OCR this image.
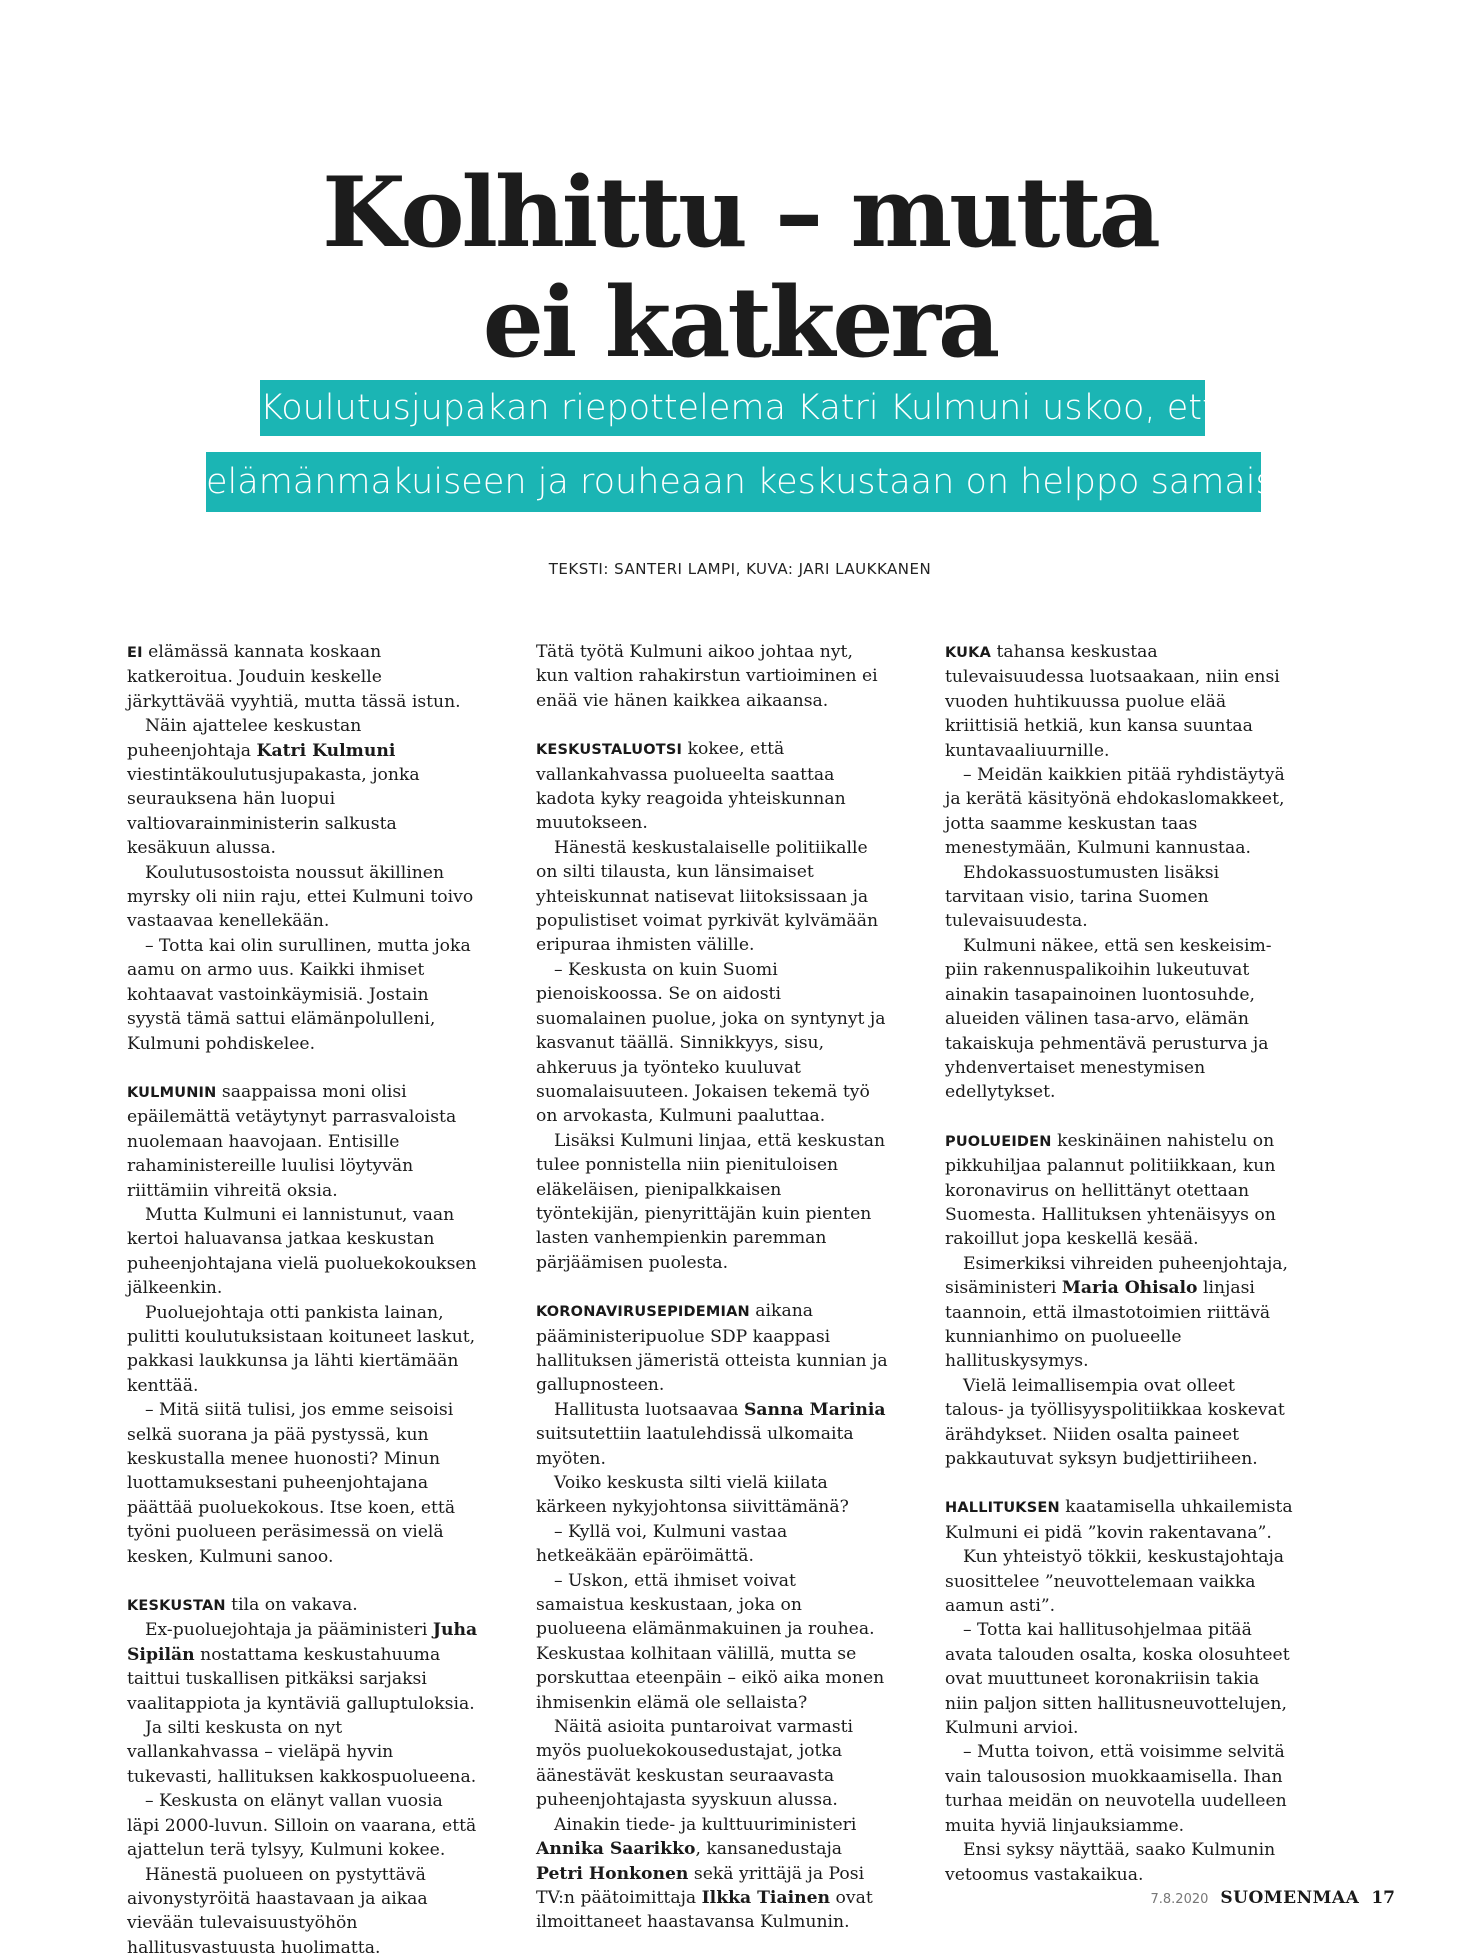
Kolhittu – mutta
ei katkera
Koulutusjupakan riepottelema Katri Kulmuni uskoo, että
elämänmakuiseen ja rouheaan keskustaan on helppo samaistua.
TEKSTI: SANTERI LAMPI, KUVA: JARI LAUKKANEN

EI elämässä kannata koskaan katkeroitua. Jouduin keskelle järkyttävää vyyhtiä, mutta tässä istun.

Näin ajattelee keskustan puheenjohtaja Katri Kulmuni viestintäkoulutusjupakasta, jonka seurauksena hän luopui valtiovarainministerin salkusta kesäkuun alussa.

Koulutusostoista noussut äkillinen myrsky oli niin raju, ettei Kulmuni toivo vastaavaa kenellekään.

– Totta kai olin surullinen, mutta joka aamu on armo uus. Kaikki ihmiset kohtaavat vastoinkäymisiä. Jostain syystä tämä sattui elämänpolulleni, Kulmuni pohdiskelee.

KULMUNIN saappaissa moni olisi epäilemättä vetäytynyt parrasvaloista nuolemaan haavojaan. Entisille rahaministereille luulisi löytyvän riittämiin vihreitä oksia.

Mutta Kulmuni ei lannistunut, vaan kertoi haluavansa jatkaa keskustan puheenjohtajana vielä puoluekokouksen jälkeenkin.

Puoluejohtaja otti pankista lainan, pulitti koulutuksistaan koituneet laskut, pakkasi laukkunsa ja lähti kiertämään kenttää.

– Mitä siitä tulisi, jos emme seisoisi selkä suorana ja pää pystyssä, kun keskustalla menee huonosti? Minun luottamuksestani puheenjohtajana päättää puoluekokous. Itse koen, että työni puolueen peräsimessä on vielä kesken, Kulmuni sanoo.

KESKUSTAN tila on vakava.

Ex-puoluejohtaja ja pääministeri Juha Sipilän nostattama keskustahuuma taittui tuskallisen pitkäksi sarjaksi vaalitappiota ja kyntäviä galluptuloksia.

Ja silti keskusta on nyt vallankahvassa – vieläpä hyvin tukevasti, hallituksen kakkospuolueena.

– Keskusta on elänyt vallan vuosia läpi 2000-luvun. Silloin on vaarana, että ajattelun terä tylsyy, Kulmuni kokee.

Hänestä puolueen on pystyttävä aivonystyröitä haastavaan ja aikaa vievään tulevaisuustyöhön hallitusvastuusta huolimatta.

Tätä työtä Kulmuni aikoo johtaa nyt, kun valtion rahakirstun vartioiminen ei enää vie hänen kaikkea aikaansa.

KESKUSTALUOTSI kokee, että vallankahvassa puolueelta saattaa kadota kyky reagoida yhteiskunnan muutokseen.

Hänestä keskustalaiselle politiikalle on silti tilausta, kun länsimaiset yhteiskunnat natisevat liitoksissaan ja populistiset voimat pyrkivät kylvämään eripuraa ihmisten välille.

– Keskusta on kuin Suomi pienoiskoossa. Se on aidosti suomalainen puolue, joka on syntynyt ja kasvanut täällä. Sinnikkyys, sisu, ahkeruus ja työnteko kuuluvat suomalaisuuteen. Jokaisen tekemä työ on arvokasta, Kulmuni paaluttaa.

Lisäksi Kulmuni linjaa, että keskustan tulee ponnistella niin pienituloisen eläkeläisen, pienipalkkaisen työntekijän, pienyrittäjän kuin pienten lasten vanhempienkin paremman pärjäämisen puolesta.

KORONAVIRUSEPIDEMIAN aikana pääministeripuolue SDP kaappasi hallituksen jämeristä otteista kunnian ja gallupnosteen.

Hallitusta luotsaavaa Sanna Marinia suitsutettiin laatulehdissä ulkomaita myöten.

Voiko keskusta silti vielä kiilata kärkeen nykyjohtonsa siivittämänä?

– Kyllä voi, Kulmuni vastaa hetkeäkään epäröimättä.

– Uskon, että ihmiset voivat samaistua keskustaan, joka on puolueena elämänmakuinen ja rouhea. Keskustaa kolhitaan välillä, mutta se porskuttaa eteenpäin – eikö aika monen ihmisenkin elämä ole sellaista?

Näitä asioita puntaroivat varmasti myös puoluekokousedustajat, jotka äänestävät keskustan seuraavasta puheenjohtajasta syyskuun alussa.

Ainakin tiede- ja kulttuuriministeri Annika Saarikko, kansanedustaja Petri Honkonen sekä yrittäjä ja Posi TV:n päätoimittaja Ilkka Tiainen ovat ilmoittaneet haastavansa Kulmunin.

KUKA tahansa keskustaa tulevaisuudessa luotsaakaan, niin ensi vuoden huhtikuussa puolue elää kriittisiä hetkiä, kun kansa suuntaa kuntavaaliuurnille.

– Meidän kaikkien pitää ryhdistäytyä ja kerätä käsityönä ehdokaslomakkeet, jotta saamme keskustan taas menestymään, Kulmuni kannustaa.

Ehdokassuostumusten lisäksi tarvitaan visio, tarina Suomen tulevaisuudesta.

Kulmuni näkee, että sen keskeisim-piin rakennuspalikoihin lukeutuvat ainakin tasapainoinen luontosuhde, alueiden välinen tasa-arvo, elämän takaiskuja pehmentävä perusturva ja yhdenvertaiset menestymisen edellytykset.

PUOLUEIDEN keskinäinen nahistelu on pikkuhiljaa palannut politiikkaan, kun koronavirus on hellittänyt otettaan Suomesta. Hallituksen yhtenäisyys on rakoillut jopa keskellä kesää.

Esimerkiksi vihreiden puheenjohtaja, sisäministeri Maria Ohisalo linjasi taannoin, että ilmastotoimien riittävä kunnianhimo on puolueelle hallituskysymys.

Vielä leimallisempia ovat olleet talous- ja työllisyyspolitiikkaa koskevat ärähdykset. Niiden osalta paineet pakkautuvat syksyn budjettiriiheen.

HALLITUKSEN kaatamisella uhkailemista Kulmuni ei pidä ”kovin rakentavana”.

Kun yhteistyö tökkii, keskustajohtaja suosittelee ”neuvottelemaan vaikka aamun asti”.

– Totta kai hallitusohjelmaa pitää avata talouden osalta, koska olosuhteet ovat muuttuneet koronakriisin takia niin paljon sitten hallitusneuvottelujen, Kulmuni arvioi.

– Mutta toivon, että voisimme selvitä vain talousosion muokkaamisella. Ihan turhaa meidän on neuvotella uudelleen muita hyviä linjauksiamme.

Ensi syksy näyttää, saako Kulmunin vetoomus vastakaikua.

7.8.2020 SUOMENMAA 17
